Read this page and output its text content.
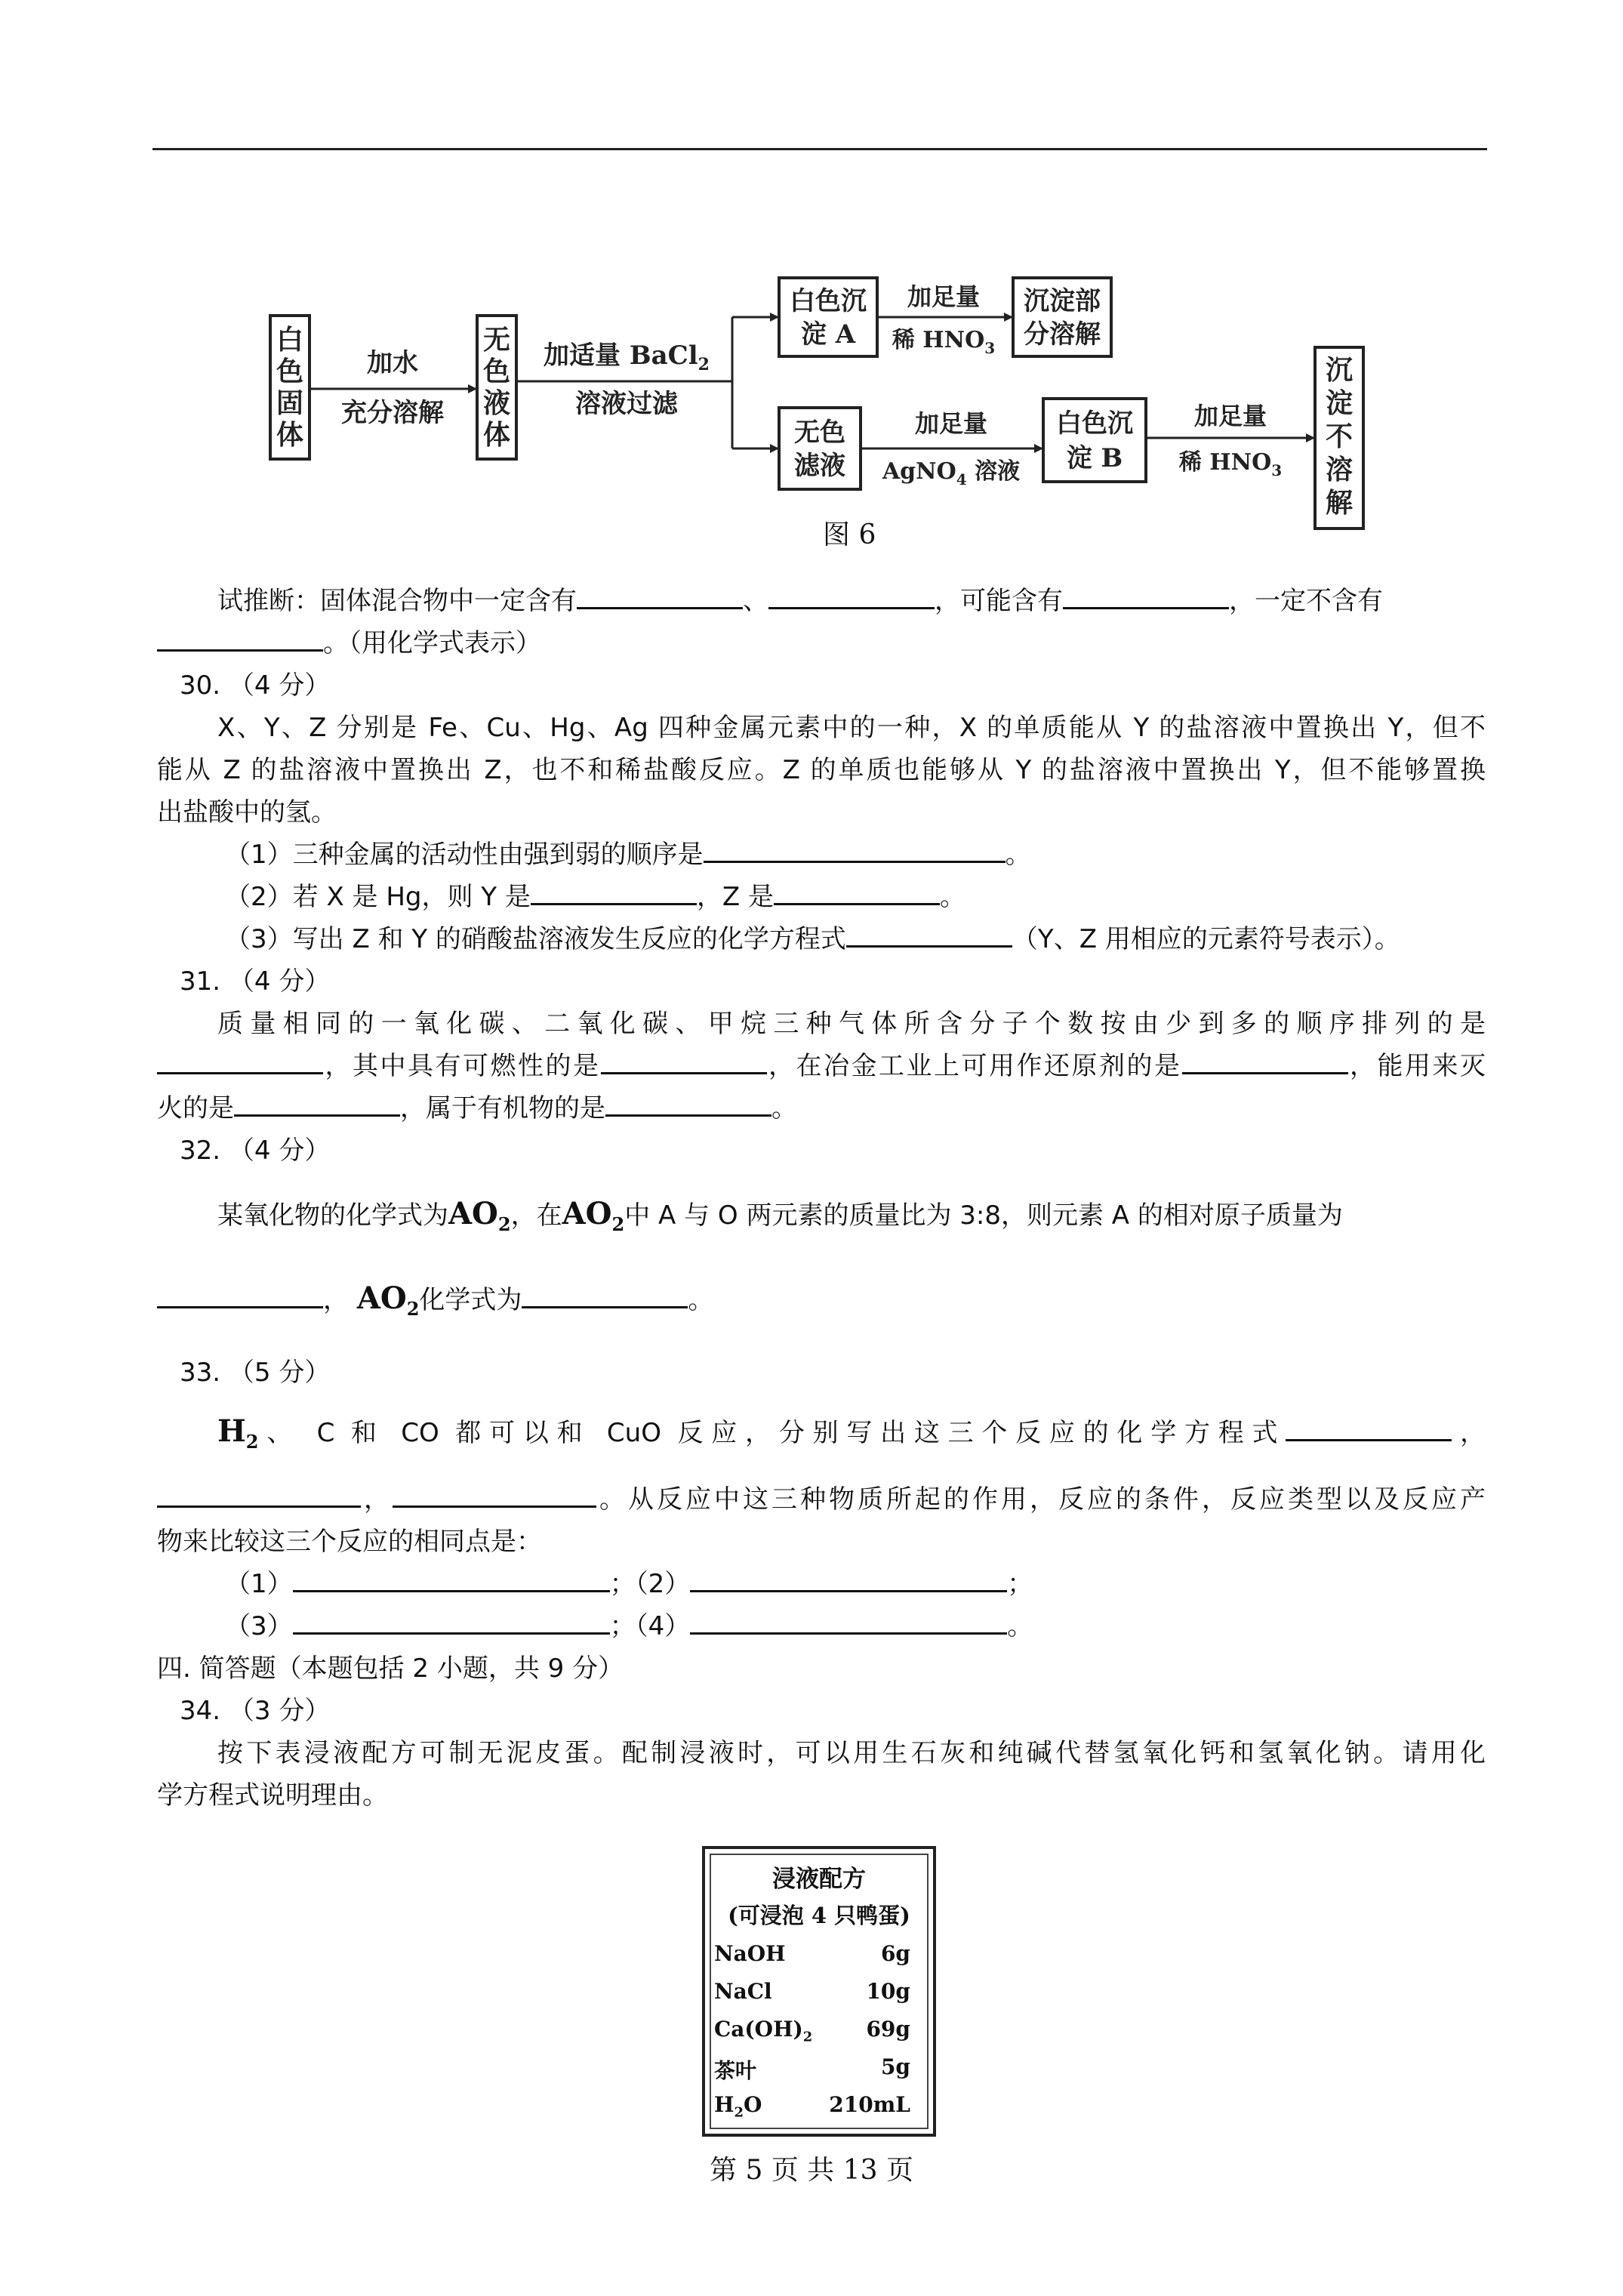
白
色
固
体
加水
充分溶解
无
色
液
体
加适量 BaCl$_2$
溶液过滤
白色沉
淀 A
加足量
稀 $HNO_3$
沉淀部
分溶解
无色
滤液
加足量
AgNO$_4$ 溶液
白色沉
淀 B
加足量
稀 $HNO_3$
沉
淀
不
溶
解
图 6
试推断：固体混合物中一定含有	、	，可能含有	，一定不含有
。（用化学式表示）
30. （4 分）
X、Y、Z 分别是 Fe、Cu、Hg、Ag 四种金属元素中的一种，X 的单质能从 Y 的盐溶液中置换出 Y，但不
能从 Z 的盐溶液中置换出 Z，也不和稀盐酸反应。Z 的单质也能够从 Y 的盐溶液中置换出 Y，但不能够置换
出盐酸中的氢。
（1）三种金属的活动性由强到弱的顺序是	。
（2）若 X 是 Hg，则 Y 是	，Z 是	。
（3）写出 Z 和 Y 的硝酸盐溶液发生反应的化学方程式	（Y、Z 用相应的元素符号表示）。
31. （4 分）
质量相同的一氧化碳、二氧化碳、甲烷三种气体所含分子个数按由少到多的顺序排列的是
，其中具有可燃性的是	，在冶金工业上可用作还原剂的是	，能用来灭
火的是	，属于有机物的是	。
32. （4 分）
某氧化物的化学式为$AO_2$，在$AO_2$中 A 与 O 两元素的质量比为 3:8，则元素 A 的相对原子质量为
， $AO_2$化学式为	。
33. （5 分）
$H_2$、 C 和 CO 都可以和 CuO 反应，分别写出这三个反应的化学方程式	，
，	。从反应中这三种物质所起的作用，反应的条件，反应类型以及反应产
物来比较这三个反应的相同点是：
（1）	；（2）	；
（3）	；（4）	。
四. 简答题（本题包括 2 小题，共 9 分）
34. （3 分）
按下表浸液配方可制无泥皮蛋。配制浸液时，可以用生石灰和纯碱代替氢氧化钙和氢氧化钠。请用化
学方程式说明理由。
浸液配方
(可浸泡 4 只鸭蛋)
NaOH	6g
NaCl	10g
$Ca(OH)_2$	69g
茶叶	5g
$H_2O$	210mL
第 5 页 共 13 页
